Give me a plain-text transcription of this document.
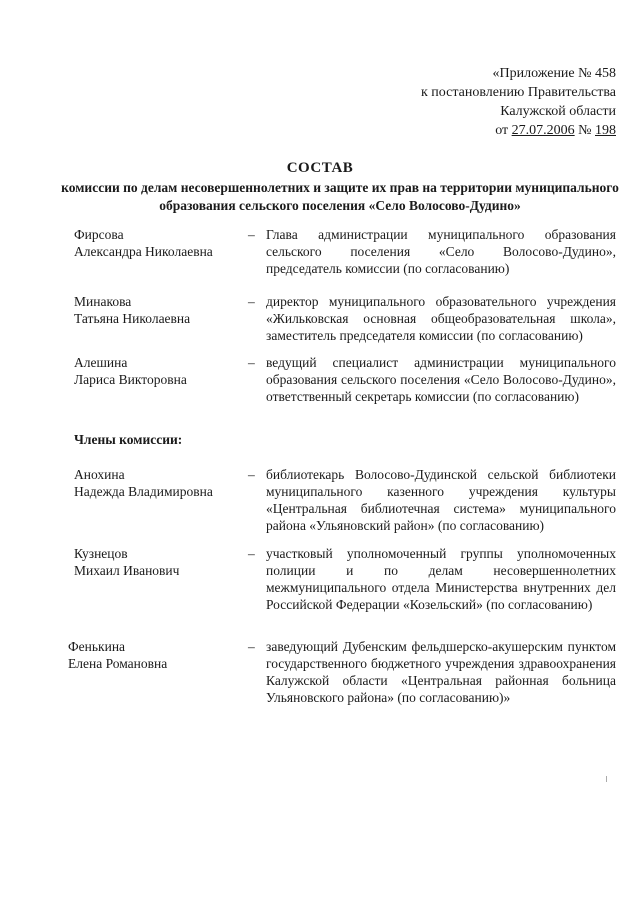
«Приложение № 458
к постановлению Правительства
Калужской области
от 27.07.2006 № 198
СОСТАВ
комиссии по делам несовершеннолетних и защите их прав на территории муниципального образования сельского поселения «Село Волосово-Дудино»
Фирсова
Александра Николаевна
– Глава администрации муниципального образования сельского поселения «Село Волосово-Дудино», председатель комиссии (по согласованию)
Минакова
Татьяна Николаевна
– директор муниципального образовательного учреждения «Жильковская основная общеобразовательная школа», заместитель председателя комиссии (по согласованию)
Алешина
Лариса Викторовна
– ведущий специалист администрации муниципального образования сельского поселения «Село Волосово-Дудино», ответственный секретарь комиссии (по согласованию)
Члены комиссии:
Анохина
Надежда Владимировна
– библиотекарь Волосово-Дудинской сельской библиотеки муниципального казенного учреждения культуры «Центральная библиотечная система» муниципального района «Ульяновский район» (по согласованию)
Кузнецов
Михаил Иванович
– участковый уполномоченный группы уполномоченных полиции и по делам несовершеннолетних межмуниципального отдела Министерства внутренних дел Российской Федерации «Козельский» (по согласованию)
Фенькина
Елена Романовна
– заведующий Дубенским фельдшерско-акушерским пунктом государственного бюджетного учреждения здравоохранения Калужской области «Центральная районная больница Ульяновского района» (по согласованию)»
